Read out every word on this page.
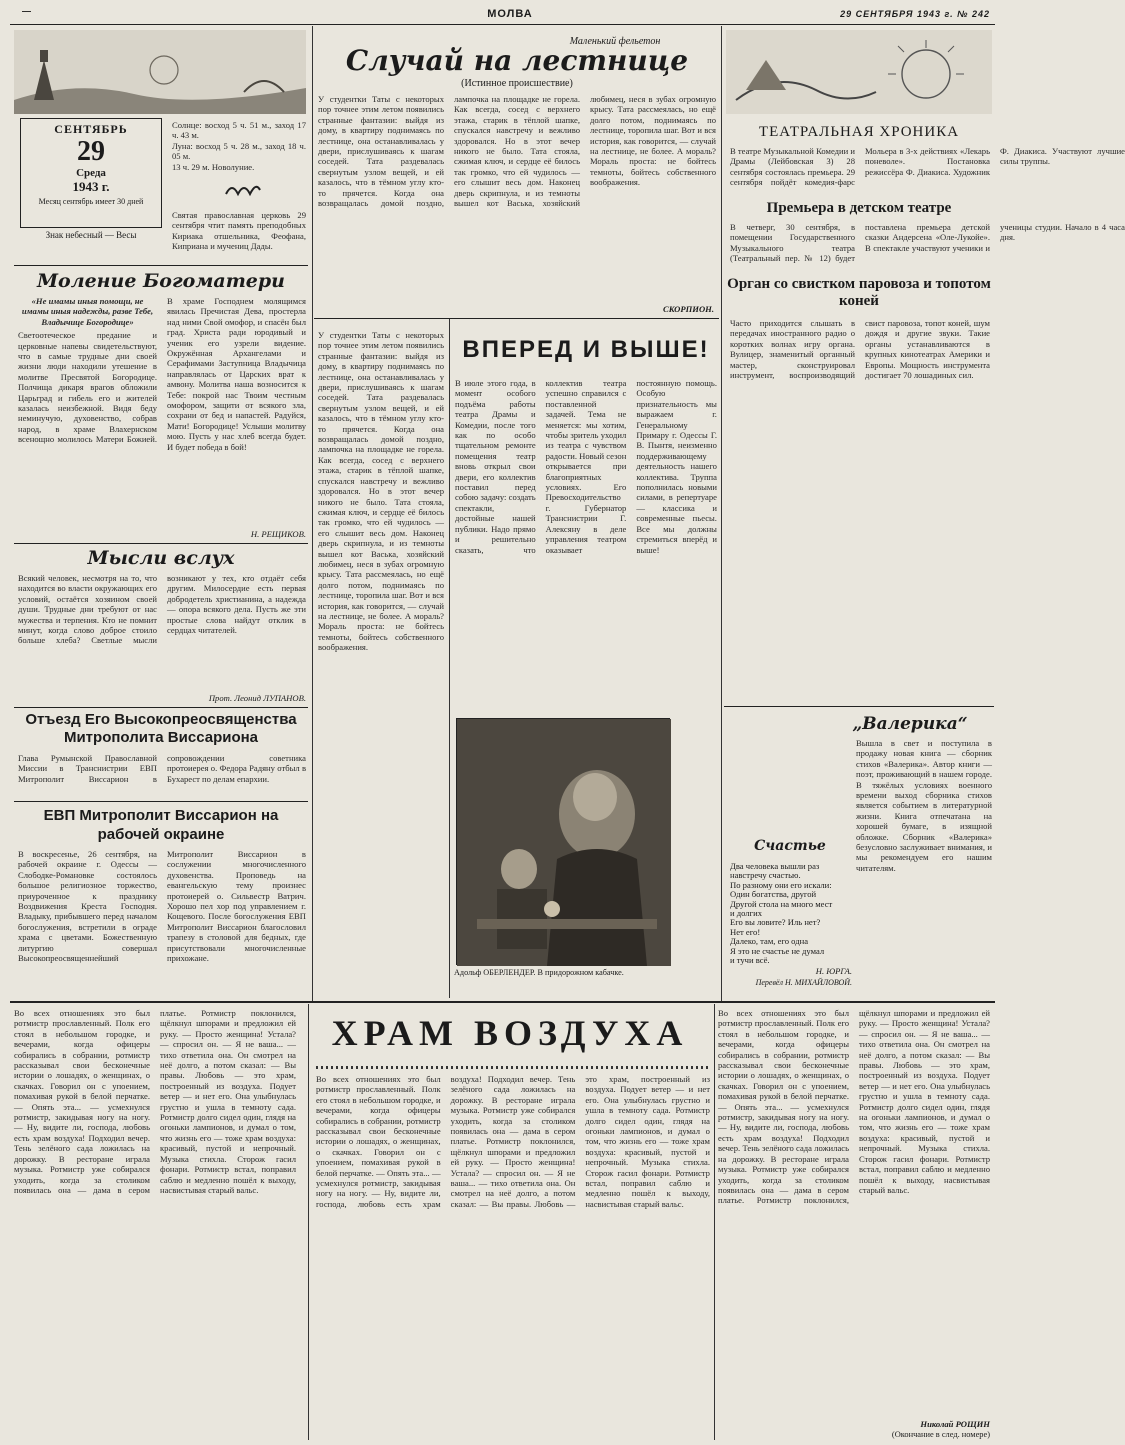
—	МОЛВА	29 СЕНТЯБРЯ 1943 г. № 242
СЕНТЯБРЬ
29
Среда
1943 г.
Месяц сентябрь имеет 30 дней
Знак небесный — Весы
Солнце: восход 5 ч. 51 м., заход 17 ч. 43 м.
Луна: восход 5 ч. 28 м., заход 18 ч. 05 м.
13 ч. 29 м. Новолуние.
Святая православная церковь 29 сентября чтит память преподобных Кириака отшельника, Феофана, Киприана и мучениц Дады.
Моление Богоматери

«Не имамы иныя помощи, не имамы иныя надежды, разве Тебе, Владычице Богородице»

Светоотеческое предание и церковные напевы свидетельствуют, что в самые трудные дни своей жизни люди находили утешение в молитве Пресвятой Богородице. Полчища дикаря врагов обложили Царьград и гибель его и жителей казалась неизбежной. Видя беду неминучую, духовенство, собрав народ, в храме Влахернском всенощно молилось Матери Божией. В храме Господнем молящимся явилась Пречистая Дева, простерла над ними Свой омофор, и спасён был град. Христа ради юродивый и ученик его узрели видение. Окружённая Архангелами и Серафимами Заступница Владычица направлялась от Царских врат к амвону. Молитва наша возносится к Тебе: покрой нас Твоим честным омофором, защити от всякого зла, сохрани от бед и напастей. Радуйся, Мати! Богородице! Услыши молитву мою. Пусть у нас хлеб всегда будет. И будет победа в бой!

Н. РЕЩИКОВ.
Мысли вслух
Всякий человек, несмотря на то, что находится во власти окружающих его условий, остаётся хозяином своей души. Трудные дни требуют от нас мужества и терпения. Кто не помнит минут, когда слово доброе стоило больше хлеба? Светлые мысли возникают у тех, кто отдаёт себя другим. Милосердие есть первая добродетель христианина, а надежда — опора всякого дела. Пусть же эти простые слова найдут отклик в сердцах читателей.
Прот. Леонид ЛУПАНОВ.
Отъезд Его Высокопреосвященства Митрополита Виссариона
Глава Румынской Православной Миссии в Транснистрии ЕВП Митрополит Виссарион в сопровождении советника протоиерея о. Федора Радяну отбыл в Бухарест по делам епархии.
ЕВП Митрополит Виссарион на рабочей окраине
В воскресенье, 26 сентября, на рабочей окраине г. Одессы — Слободке-Романовке состоялось большое религиозное торжество, приуроченное к празднику Воздвижения Креста Господня. Владыку, прибывшего перед началом богослужения, встретили в ограде храма с цветами. Божественную литургию совершал Высокопреосвященнейший Митрополит Виссарион в сослужении многочисленного духовенства. Проповедь на евангельскую тему произнес протоиерей о. Сильвестр Ватрич. Хорошо пел хор под управлением г. Кощевого. После богослужения ЕВП Митрополит Виссарион благословил трапезу в столовой для бедных, где присутствовали многочисленные прихожане.
Маленький фельетон
Случай на лестнице
(Истинное происшествие)
У студентки Таты с некоторых пор точнее этим летом появились странные фантазии: выйдя из дому, в квартиру поднимаясь по лестнице, она останавливалась у двери, прислушиваясь к шагам соседей. Тата раздевалась свернутым узлом вещей, и ей казалось, что в тёмном углу кто-то прячется. Когда она возвращалась домой поздно, лампочка на площадке не горела. Как всегда, сосед с верхнего этажа, старик в тёплой шапке, спускался навстречу и вежливо здоровался. Но в этот вечер никого не было. Тата стояла, сжимая ключ, и сердце её билось так громко, что ей чудилось — его слышит весь дом. Наконец дверь скрипнула, и из темноты вышел кот Васька, хозяйский любимец, неся в зубах огромную крысу. Тата рассмеялась, но ещё долго потом, поднимаясь по лестнице, торопила шаг. Вот и вся история, как говорится, — случай на лестнице, не более. А мораль? Мораль проста: не бойтесь темноты, бойтесь собственного воображения.
СКОРПИОН.
Адольф ОБЕРЛЕНДЕР. В придорожном кабачке.
ВПЕРЕД И ВЫШЕ!
В июле этого года, в момент особого подъёма работы театра Драмы и Комедии, после того как по особо тщательном ремонте помещения театр вновь открыл свои двери, его коллектив поставил перед собою задачу: создать спектакли, достойные нашей публики. Надо прямо и решительно сказать, что коллектив театра успешно справился с поставленной задачей. Тема не меняется: мы хотим, чтобы зритель уходил из театра с чувством радости. Новый сезон открывается при благоприятных условиях. Его Превосходительство г. Губернатор Транснистрии Г. Алексяну в деле управления театром оказывает постоянную помощь. Особую признательность мы выражаем г. Генеральному Примару г. Одессы Г. В. Пынтя, неизменно поддерживающему деятельность нашего коллектива. Труппа пополнилась новыми силами, в репертуаре — классика и современные пьесы. Все мы должны стремиться вперёд и выше!
У студентки Таты с некоторых пор точнее этим летом появились странные фантазии: выйдя из дому, в квартиру поднимаясь по лестнице, она останавливалась у двери, прислушиваясь к шагам соседей. Тата раздевалась свернутым узлом вещей, и ей казалось, что в тёмном углу кто-то прячется. Когда она возвращалась домой поздно, лампочка на площадке не горела. Как всегда, сосед с верхнего этажа, старик в тёплой шапке, спускался навстречу и вежливо здоровался. Но в этот вечер никого не было. Тата стояла, сжимая ключ, и сердце её билось так громко, что ей чудилось — его слышит весь дом. Наконец дверь скрипнула, и из темноты вышел кот Васька, хозяйский любимец, неся в зубах огромную крысу. Тата рассмеялась, но ещё долго потом, поднимаясь по лестнице, торопила шаг. Вот и вся история, как говорится, — случай на лестнице, не более. А мораль? Мораль проста: не бойтесь темноты, бойтесь собственного воображения.
ТЕАТРАЛЬНАЯ ХРОНИКА
В театре Музыкальной Комедии и Драмы (Лейбовская 3) 28 сентября состоялась премьера. 29 сентября пойдёт комедия-фарс Мольера в 3-х действиях «Лекарь поневоле». Постановка режиссёра Ф. Диакиса. Художник Ф. Диакиса. Участвуют лучшие силы труппы.
Премьера в детском театре
В четверг, 30 сентября, в помещении Государственного Музыкального театра (Театральный пер. № 12) будет поставлена премьера детской сказки Андерсена «Оле-Лукойе». В спектакле участвуют ученики и ученицы студии. Начало в 4 часа дня.
Орган со свистком паровоза и топотом коней
Часто приходится слышать в передачах иностранного радио о коротких волнах игру органа. Вулицер, знаменитый органный мастер, сконструировал инструмент, воспроизводящий свист паровоза, топот коней, шум дождя и другие звуки. Такие органы устанавливаются в крупных кинотеатрах Америки и Европы. Мощность инструмента достигает 70 лошадиных сил.
„Валерика“
Вышла в свет и поступила в продажу новая книга — сборник стихов «Валерика». Автор книги — поэт, проживающий в нашем городе. В тяжёлых условиях военного времени выход сборника стихов является событием в литературной жизни. Книга отпечатана на хорошей бумаге, в изящной обложке. Сборник «Валерика» безусловно заслуживает внимания, и мы рекомендуем его нашим читателям.
Счастье
Два человека вышли раз
навстречу счастью.
По разному они его искали:
Один богатства, другой
Другой стола на много мест
и долгих
Его вы ловите? Иль нет?
Нет его!
Далеко, там, его одна
Я это не счастье не думал
и тучи всё.
Н. ЮРГА.
Перевёл Н. МИХАЙЛОВОЙ.
ХРАМ ВОЗДУХА
Во всех отношениях это был ротмистр прославленный. Полк его стоял в небольшом городке, и вечерами, когда офицеры собирались в собрании, ротмистр рассказывал свои бесконечные истории о лошадях, о женщинах, о скачках. Говорил он с упоением, помахивая рукой в белой перчатке. — Опять эта... — усмехнулся ротмистр, закидывая ногу на ногу. — Ну, видите ли, господа, любовь есть храм воздуха! Подходил вечер. Тень зелёного сада ложилась на дорожку. В ресторане играла музыка. Ротмистр уже собирался уходить, когда за столиком появилась она — дама в сером платье. Ротмистр поклонился, щёлкнул шпорами и предложил ей руку. — Просто женщина! Устала? — спросил он. — Я не ваша... — тихо ответила она. Он смотрел на неё долго, а потом сказал: — Вы правы. Любовь — это храм, построенный из воздуха. Подует ветер — и нет его. Она улыбнулась грустно и ушла в темноту сада. Ротмистр долго сидел один, глядя на огоньки лампионов, и думал о том, что жизнь его — тоже храм воздуха: красивый, пустой и непрочный. Музыка стихла. Сторож гасил фонари. Ротмистр встал, поправил саблю и медленно пошёл к выходу, насвистывая старый вальс.
Во всех отношениях это был ротмистр прославленный. Полк его стоял в небольшом городке, и вечерами, когда офицеры собирались в собрании, ротмистр рассказывал свои бесконечные истории о лошадях, о женщинах, о скачках. Говорил он с упоением, помахивая рукой в белой перчатке. — Опять эта... — усмехнулся ротмистр, закидывая ногу на ногу. — Ну, видите ли, господа, любовь есть храм воздуха! Подходил вечер. Тень зелёного сада ложилась на дорожку. В ресторане играла музыка. Ротмистр уже собирался уходить, когда за столиком появилась она — дама в сером платье. Ротмистр поклонился, щёлкнул шпорами и предложил ей руку. — Просто женщина! Устала? — спросил он. — Я не ваша... — тихо ответила она. Он смотрел на неё долго, а потом сказал: — Вы правы. Любовь — это храм, построенный из воздуха. Подует ветер — и нет его. Она улыбнулась грустно и ушла в темноту сада. Ротмистр долго сидел один, глядя на огоньки лампионов, и думал о том, что жизнь его — тоже храм воздуха: красивый, пустой и непрочный. Музыка стихла. Сторож гасил фонари. Ротмистр встал, поправил саблю и медленно пошёл к выходу, насвистывая старый вальс.
Во всех отношениях это был ротмистр прославленный. Полк его стоял в небольшом городке, и вечерами, когда офицеры собирались в собрании, ротмистр рассказывал свои бесконечные истории о лошадях, о женщинах, о скачках. Говорил он с упоением, помахивая рукой в белой перчатке. — Опять эта... — усмехнулся ротмистр, закидывая ногу на ногу. — Ну, видите ли, господа, любовь есть храм воздуха! Подходил вечер. Тень зелёного сада ложилась на дорожку. В ресторане играла музыка. Ротмистр уже собирался уходить, когда за столиком появилась она — дама в сером платье. Ротмистр поклонился, щёлкнул шпорами и предложил ей руку. — Просто женщина! Устала? — спросил он. — Я не ваша... — тихо ответила она. Он смотрел на неё долго, а потом сказал: — Вы правы. Любовь — это храм, построенный из воздуха. Подует ветер — и нет его. Она улыбнулась грустно и ушла в темноту сада. Ротмистр долго сидел один, глядя на огоньки лампионов, и думал о том, что жизнь его — тоже храм воздуха: красивый, пустой и непрочный. Музыка стихла. Сторож гасил фонари. Ротмистр встал, поправил саблю и медленно пошёл к выходу, насвистывая старый вальс.
Николай РОЩИН
(Окончание в след. номере)
